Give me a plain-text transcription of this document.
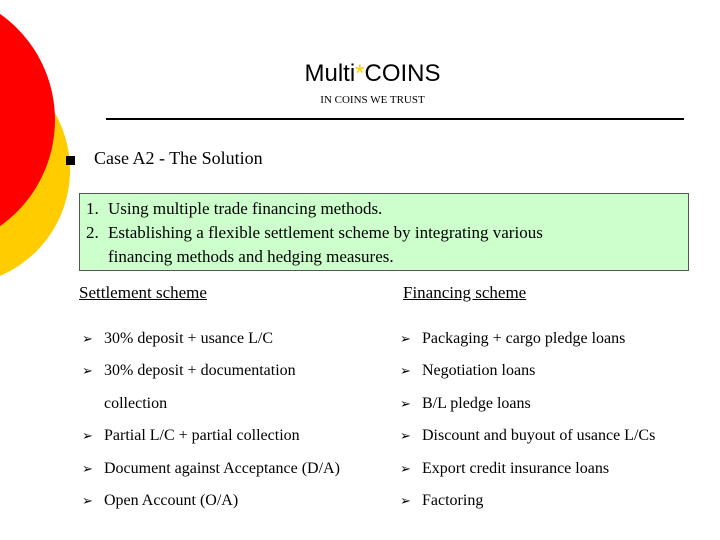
Multi*COINS
IN COINS WE TRUST
Case A2 - The Solution
1. Using multiple trade financing methods.
2. Establishing a flexible settlement scheme by integrating various
financing methods and hedging measures.
Settlement scheme	Financing scheme
➢ 30% deposit + usance L/C
➢ 30% deposit + documentation
collection
➢ Partial L/C + partial collection
➢ Document against Acceptance (D/A)
➢ Open Account (O/A)
➢ Packaging + cargo pledge loans
➢ Negotiation loans
➢ B/L pledge loans
➢ Discount and buyout of usance L/Cs
➢ Export credit insurance loans
➢ Factoring
